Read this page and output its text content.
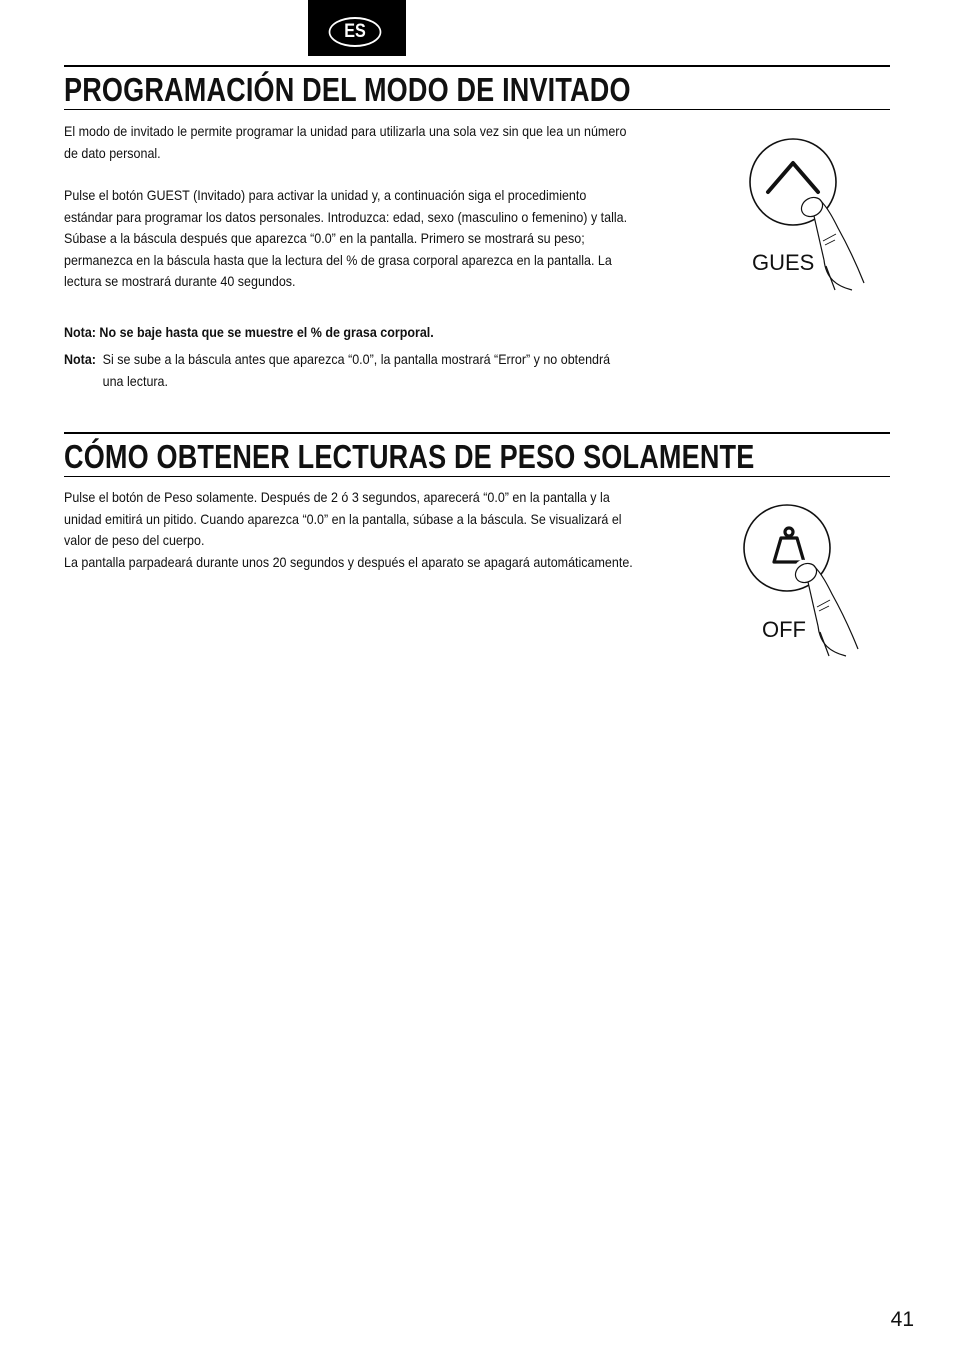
ES
PROGRAMACIÓN DEL MODO DE INVITADO

El modo de invitado le permite programar la unidad para utilizarla una sola vez sin que lea un número

de dato personal.

Pulse el botón GUEST (Invitado) para activar la unidad y, a continuación siga el procedimiento

estándar para programar los datos personales. Introduzca: edad, sexo (masculino o femenino) y talla.

Súbase a la báscula después que aparezca “0.0” en la pantalla. Primero se mostrará su peso;

permanezca en la báscula hasta que la lectura del % de grasa corporal aparezca en la pantalla. La

lectura se mostrará durante 40 segundos.

Nota: No se baje hasta que se muestre el % de grasa corporal.

Nota: Si se sube a la báscula antes que aparezca “0.0”, la pantalla mostrará “Error” y no obtendrá

una lectura.

GUES
CÓMO OBTENER LECTURAS DE PESO SOLAMENTE

Pulse el botón de Peso solamente. Después de 2 ó 3 segundos, aparecerá “0.0” en la pantalla y la

unidad emitirá un pitido. Cuando aparezca “0.0” en la pantalla, súbase a la báscula. Se visualizará el

valor de peso del cuerpo.

La pantalla parpadeará durante unos 20 segundos y después el aparato se apagará automáticamente.

OFF
41
